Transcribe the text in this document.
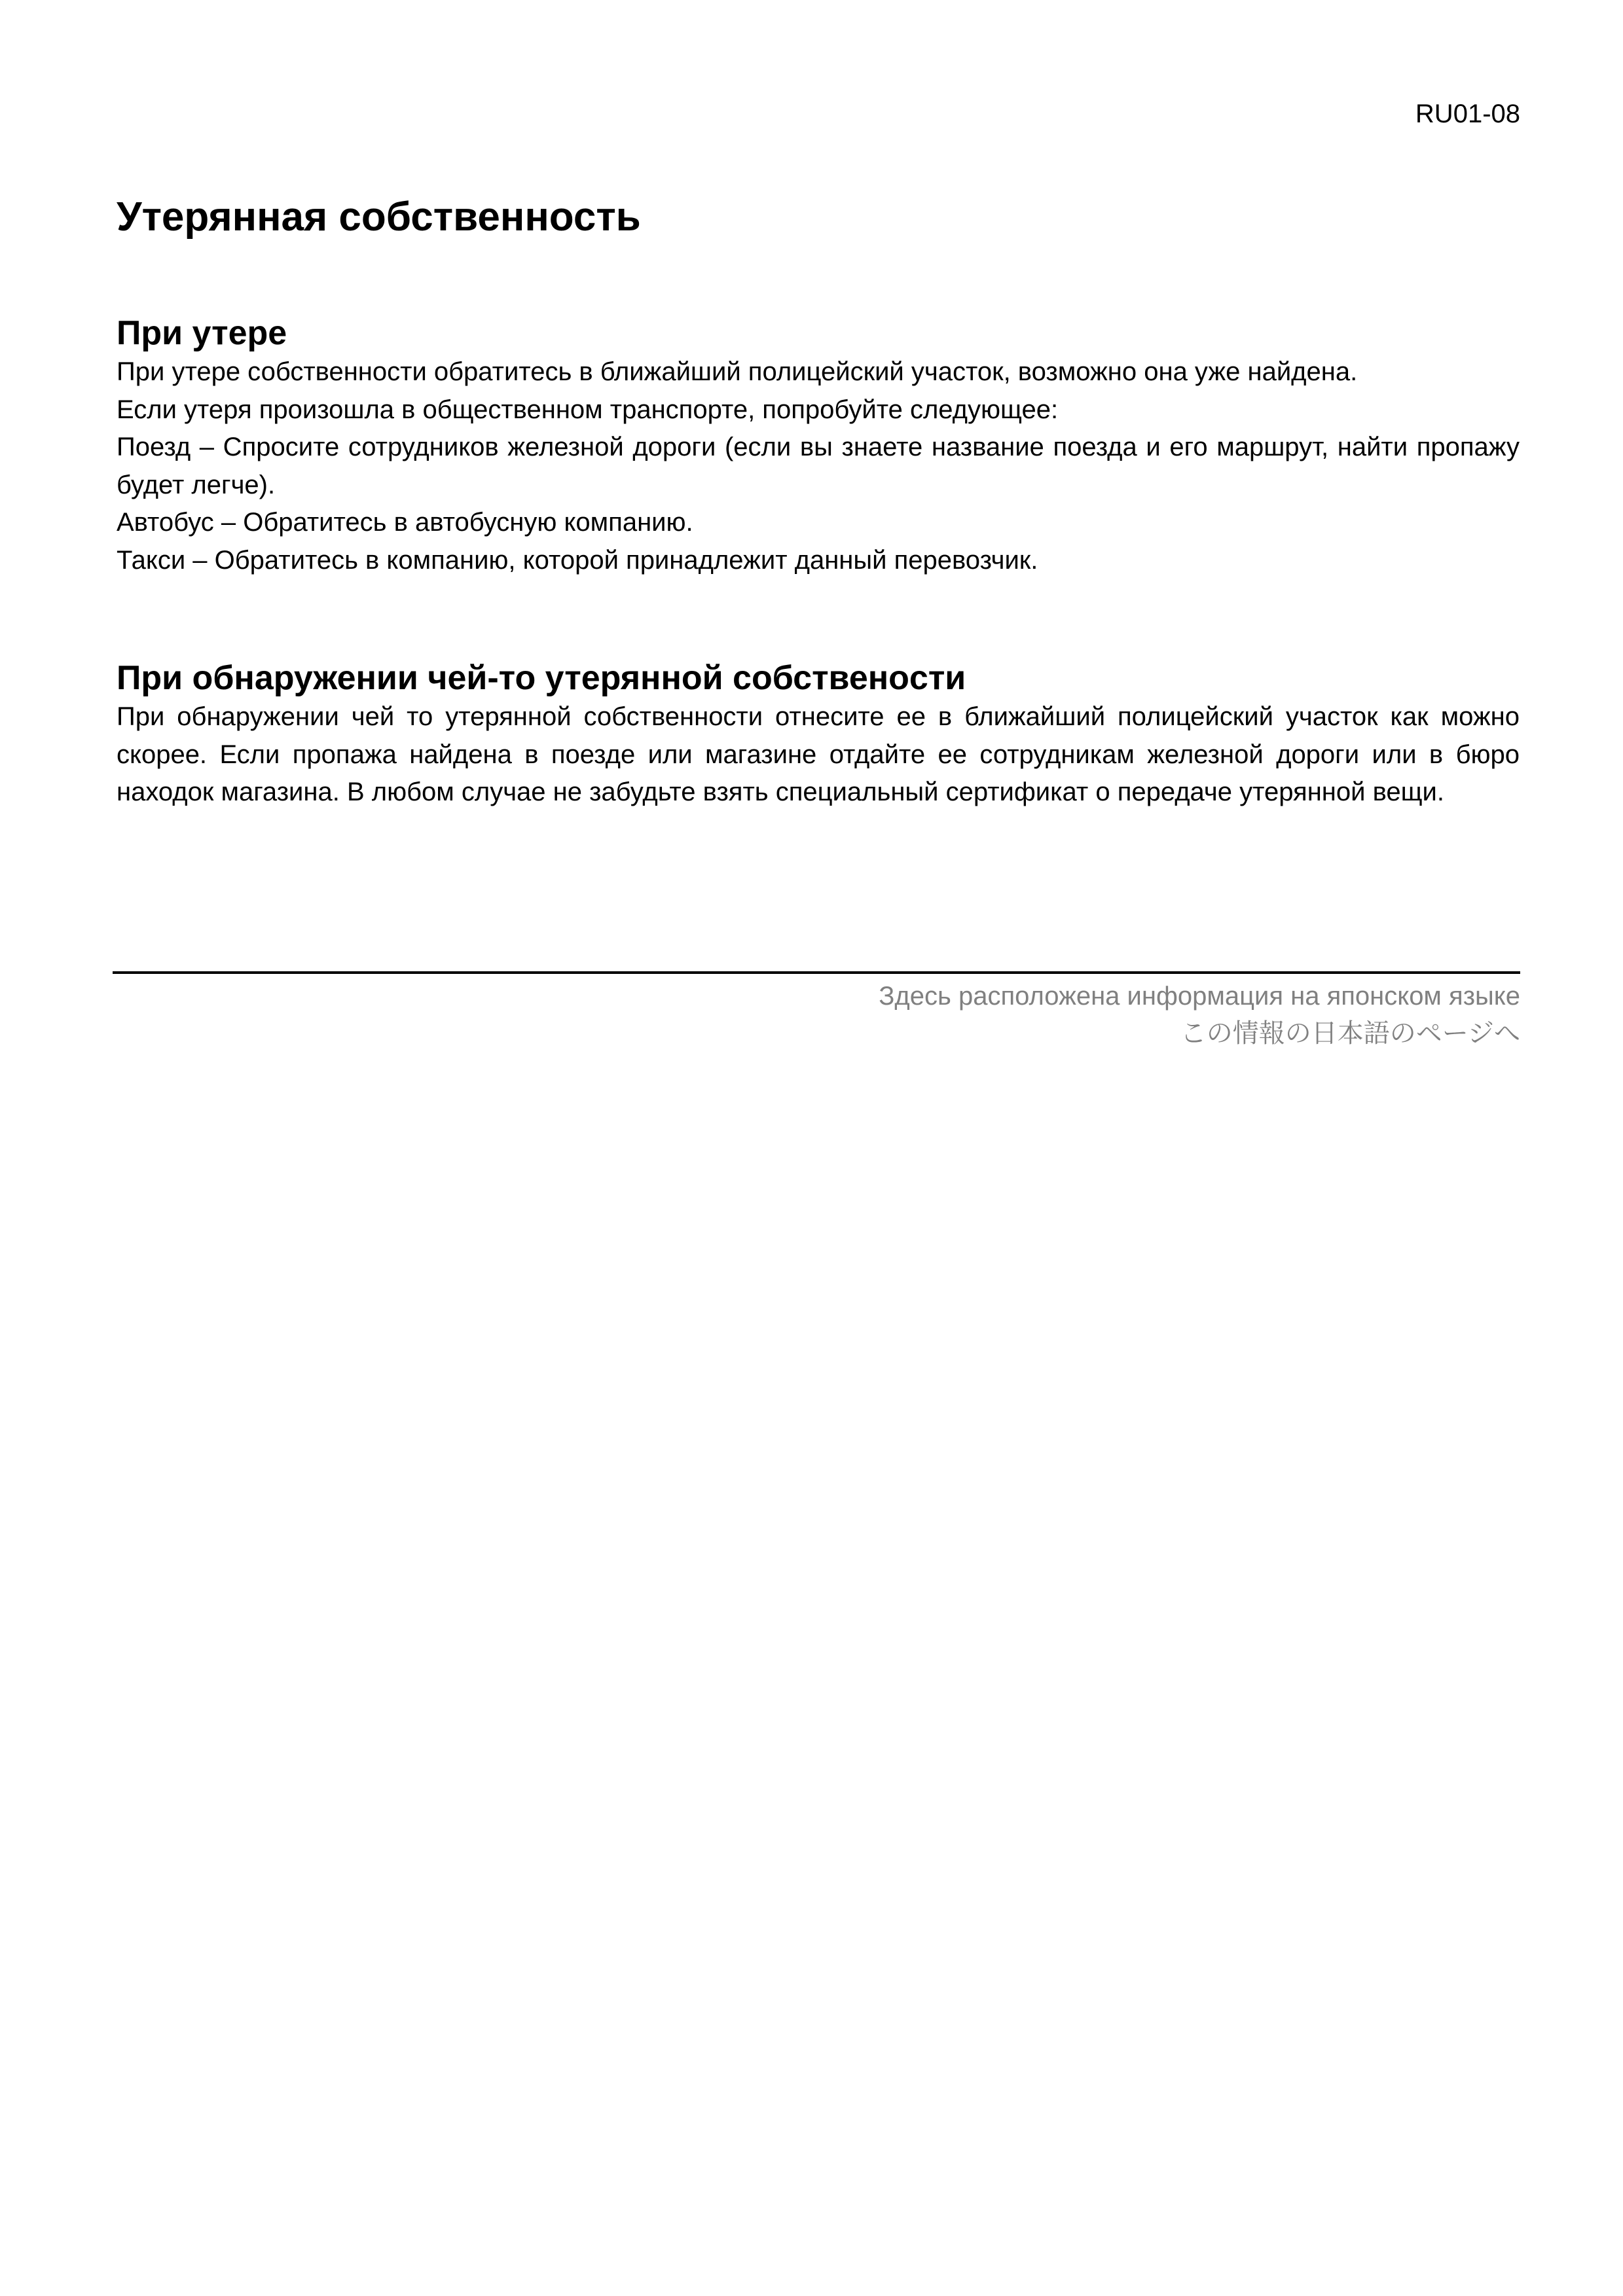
RU01-08
Утерянная собственность
При утере

При утере собственности обратитесь в ближайший полицейский участок, возможно она уже найдена.

Если утеря произошла в общественном транспорте, попробуйте следующее:

Поезд – Спросите сотрудников железной дороги (если вы знаете название поезда и его маршрут, найти пропажу будет легче).

Автобус – Обратитесь в автобусную компанию.

Такси – Обратитесь в компанию, которой принадлежит данный перевозчик.

При обнаружении чей-то утерянной собственоcти

При обнаружении чей то утерянной собственности отнесите ее в ближайший полицейский участок как можно скорее. Если пропажа найдена в поезде или магазине отдайте ее сотрудникам железной дороги или в бюро находок магазина. В любом случае не забудьте взять специальный сертификат о передаче утерянной вещи.

Здесь расположена информация на японском языке
この情報の日本語のページへ
